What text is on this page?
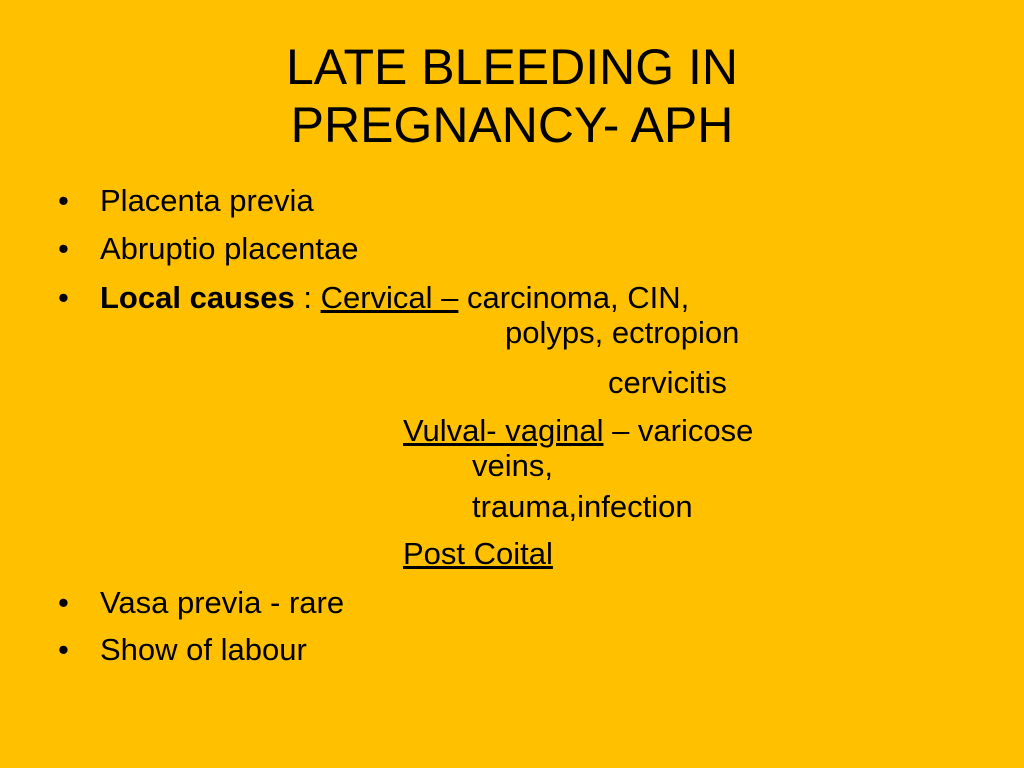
LATE BLEEDING IN
PREGNANCY- APH
• Placenta previa
• Abruptio placentae
• Local causes : Cervical – carcinoma, CIN,
polyps, ectropion
cervicitis
Vulval- vaginal – varicose
veins,
trauma,infection
Post Coital
• Vasa previa - rare
• Show of labour
